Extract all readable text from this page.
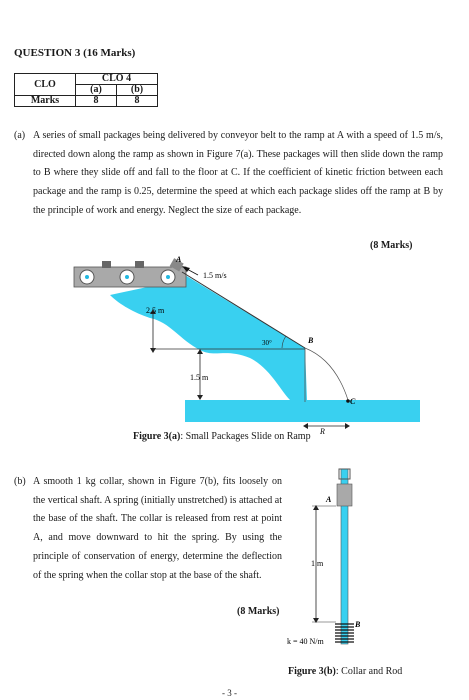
QUESTION 3 (16 Marks)
CLO	CLO 4	
	(a)	(b)
Marks	8	8
(a) A series of small packages being delivered by conveyor belt to the ramp at A with a speed of 1.5 m/s, directed down along the ramp as shown in Figure 7(a). These packages will then slide down the ramp to B where they slide off and fall to the floor at C. If the coefficient of kinetic friction between each package and the ramp is 0.25, determine the speed at which each package slides off the ramp at B by the principle of work and energy. Neglect the size of each package.
(8 Marks)
1.5 m/s
A
2.5 m
30°	B
1.5 m
C
R
Figure 3(a): Small Packages Slide on Ramp
(b) A smooth 1 kg collar, shown in Figure 7(b), fits loosely on the vertical shaft. A spring (initially unstretched) is attached at the base of the shaft. The collar is released from rest at point A, and move downward to hit the spring. By using the principle of conservation of energy, determine the deflection of the spring when the collar stop at the base of the shaft.
(8 Marks)
A
1 m
B
k = 40 N/m
Figure 3(b): Collar and Rod
- 3 -
